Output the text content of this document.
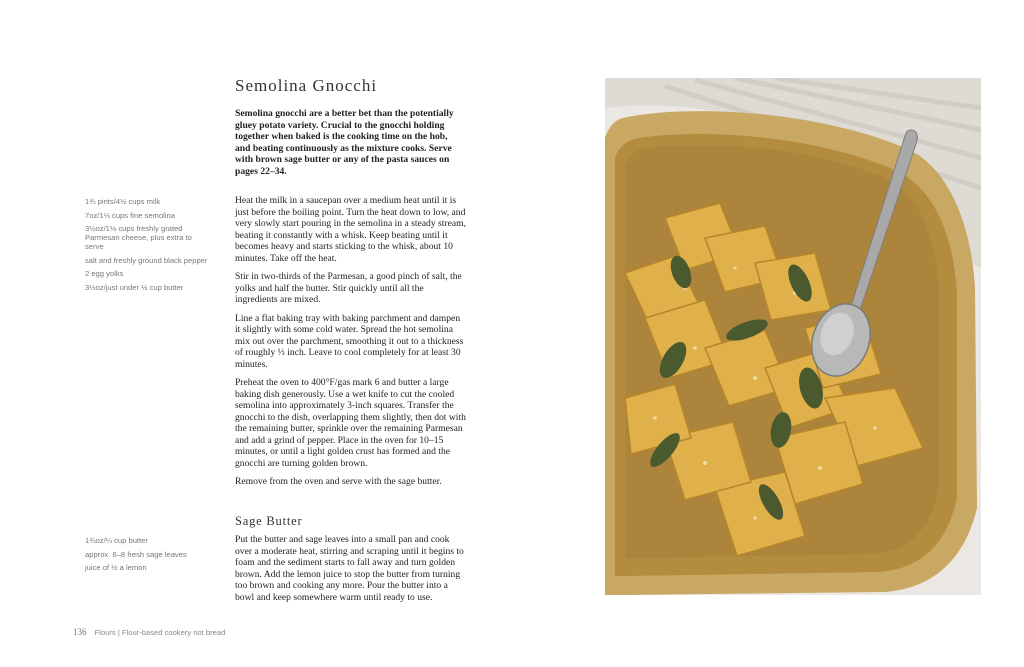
Semolina Gnocchi

Semolina gnocchi are a better bet than the potentially gluey potato variety. Crucial to the gnocchi holding together when baked is the cooking time on the hob, and beating continuously as the mixture cooks. Serve with brown sage butter or any of the pasta sauces on pages 22–34.

1¾ pints/4½ cups milk
7oz/1⅓ cups fine semolina
3½oz/1⅓ cups freshly grated Parmesan cheese, plus extra to serve
salt and freshly ground black pepper
2 egg yolks
3½oz/just under ½ cup butter

Heat the milk in a saucepan over a medium heat until it is just before the boiling point. Turn the heat down to low, and very slowly start pouring in the semolina in a steady stream, beating it constantly with a whisk. Keep beating until it becomes heavy and starts sticking to the whisk, about 10 minutes. Take off the heat.

Stir in two-thirds of the Parmesan, a good pinch of salt, the yolks and half the butter. Stir quickly until all the ingredients are mixed.

Line a flat baking tray with baking parchment and dampen it slightly with some cold water. Spread the hot semolina mix out over the parchment, smoothing it out to a thickness of roughly ⅓ inch. Leave to cool completely for at least 30 minutes.

Preheat the oven to 400°F/gas mark 6 and butter a large baking dish generously. Use a wet knife to cut the cooled semolina into approximately 3-inch squares. Transfer the gnocchi to the dish, overlapping them slightly, then dot with the remaining butter, sprinkle over the remaining Parmesan and add a grind of pepper. Place in the oven for 10–15 minutes, or until a light golden crust has formed and the gnocchi are turning golden brown.

Remove from the oven and serve with the sage butter.

Sage Butter
1¾oz/¼ cup butter
approx. 6–8 fresh sage leaves
juice of ½ a lemon

Put the butter and sage leaves into a small pan and cook over a moderate heat, stirring and scraping until it begins to foam and the sediment starts to fall away and turn golden brown. Add the lemon juice to stop the butter from turning too brown and cooking any more. Pour the butter into a bowl and keep somewhere warm until ready to use.

136 Flours | Flour-based cookery not bread
